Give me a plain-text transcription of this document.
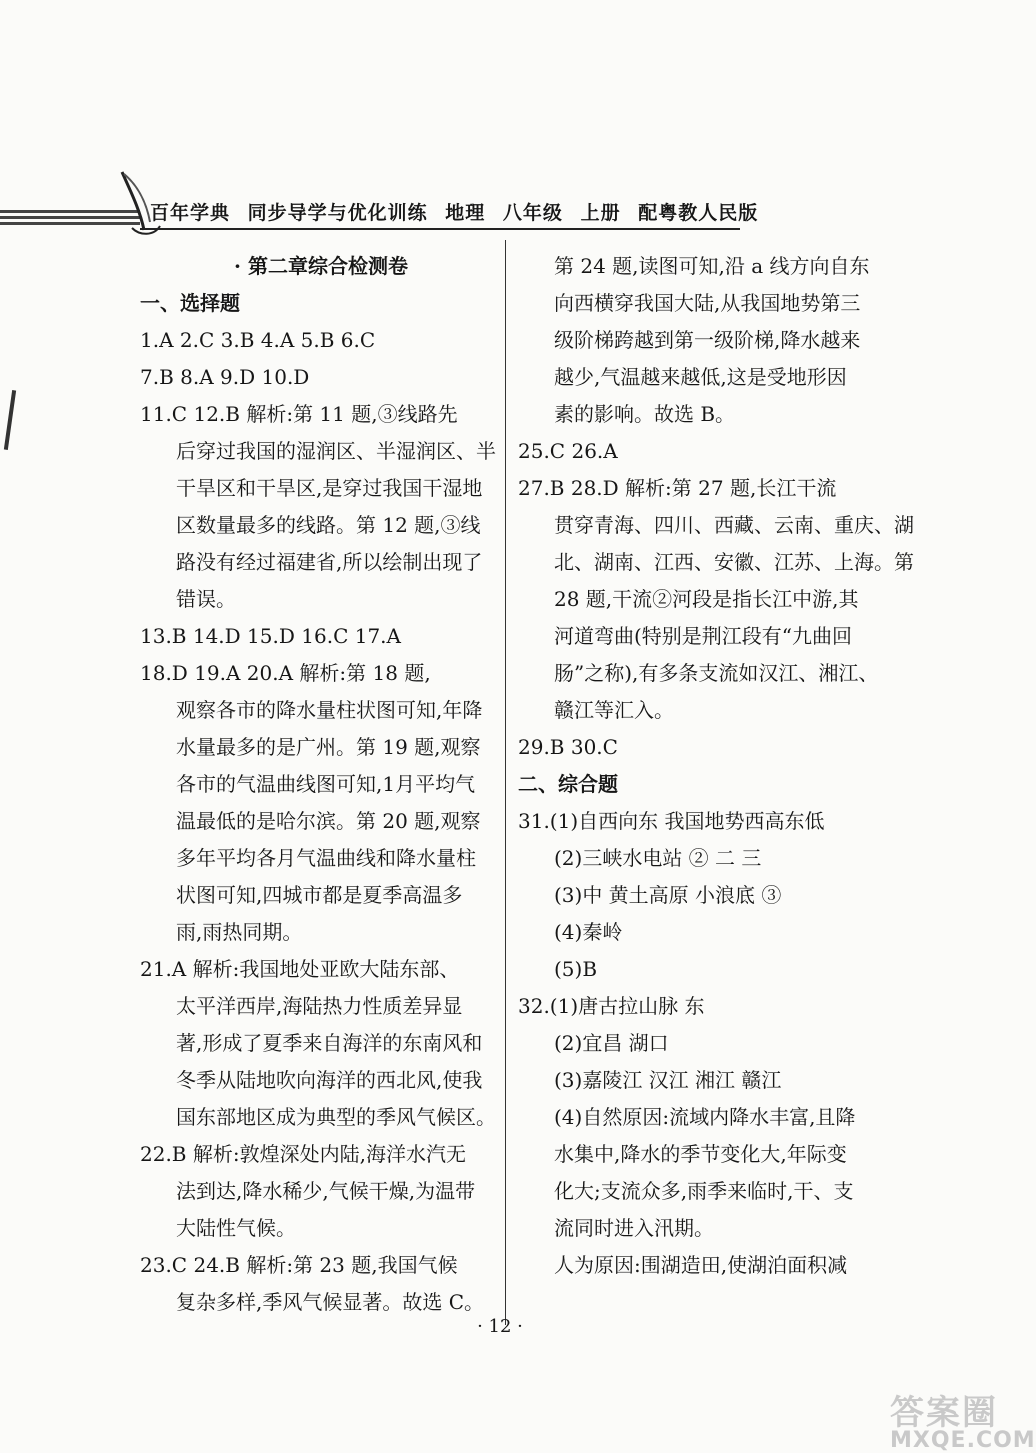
百年学典 同步导学与优化训练 地理 八年级 上册 配粤教人民版
· 第二章综合检测卷
一、选择题
1.A 2.C 3.B 4.A 5.B 6.C
7.B 8.A 9.D 10.D
11.C 12.B 解析:第 11 题,③线路先
后穿过我国的湿润区、半湿润区、半
干旱区和干旱区,是穿过我国干湿地
区数量最多的线路。第 12 题,③线
路没有经过福建省,所以绘制出现了
错误。
13.B 14.D 15.D 16.C 17.A
18.D 19.A 20.A 解析:第 18 题,
观察各市的降水量柱状图可知,年降
水量最多的是广州。第 19 题,观察
各市的气温曲线图可知,1月平均气
温最低的是哈尔滨。第 20 题,观察
多年平均各月气温曲线和降水量柱
状图可知,四城市都是夏季高温多
雨,雨热同期。
21.A 解析:我国地处亚欧大陆东部、
太平洋西岸,海陆热力性质差异显
著,形成了夏季来自海洋的东南风和
冬季从陆地吹向海洋的西北风,使我
国东部地区成为典型的季风气候区。
22.B 解析:敦煌深处内陆,海洋水汽无
法到达,降水稀少,气候干燥,为温带
大陆性气候。
23.C 24.B 解析:第 23 题,我国气候
复杂多样,季风气候显著。故选 C。
第 24 题,读图可知,沿 a 线方向自东
向西横穿我国大陆,从我国地势第三
级阶梯跨越到第一级阶梯,降水越来
越少,气温越来越低,这是受地形因
素的影响。故选 B。
25.C 26.A
27.B 28.D 解析:第 27 题,长江干流
贯穿青海、四川、西藏、云南、重庆、湖
北、湖南、江西、安徽、江苏、上海。第
28 题,干流②河段是指长江中游,其
河道弯曲(特别是荆江段有“九曲回
肠”之称),有多条支流如汉江、湘江、
赣江等汇入。
29.B 30.C
二、综合题
31.(1)自西向东 我国地势西高东低
(2)三峡水电站 ② 二 三
(3)中 黄土高原 小浪底 ③
(4)秦岭
(5)B
32.(1)唐古拉山脉 东
(2)宜昌 湖口
(3)嘉陵江 汉江 湘江 赣江
(4)自然原因:流域内降水丰富,且降
水集中,降水的季节变化大,年际变
化大;支流众多,雨季来临时,干、支
流同时进入汛期。
人为原因:围湖造田,使湖泊面积减
· 12 ·
答案圈
MXQE.COM
